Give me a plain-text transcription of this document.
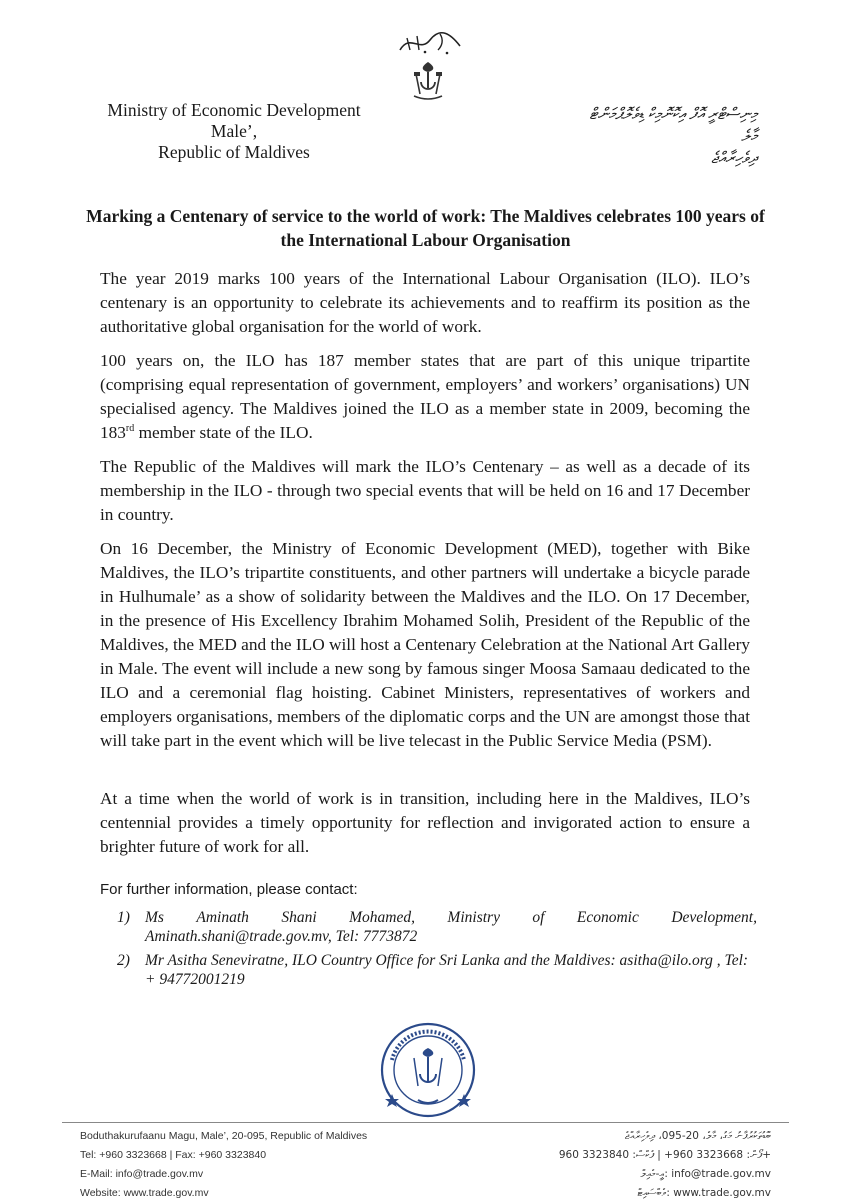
Ministry of Economic Development
Male’,
Republic of Maldives
މިނިސްޓްރީ އޮފް އިކޮނޮމިކް ޑިވެލޮޕްމަންޓް
މާލެ
ދިވެހިރާއްޖެ
Marking a Centenary of service to the world of work: The Maldives celebrates 100 years of the International Labour Organisation
The year 2019 marks 100 years of the International Labour Organisation (ILO). ILO’s centenary is an opportunity to celebrate its achievements and to reaffirm its position as the authoritative global organisation for the world of work.
100 years on, the ILO has 187 member states that are part of this unique tripartite (comprising equal representation of government, employers’ and workers’ organisations) UN specialised agency. The Maldives joined the ILO as a member state in 2009, becoming the 183rd member state of the ILO.
The Republic of the Maldives will mark the ILO’s Centenary – as well as a decade of its membership in the ILO - through two special events that will be held on 16 and 17 December in country.
On 16 December, the Ministry of Economic Development (MED), together with Bike Maldives, the ILO’s tripartite constituents, and other partners will undertake a bicycle parade in Hulhumale’ as a show of solidarity between the Maldives and the ILO. On 17 December, in the presence of His Excellency Ibrahim Mohamed Solih, President of the Republic of the Maldives, the MED and the ILO will host a Centenary Celebration at the National Art Gallery in Male. The event will include a new song by famous singer Moosa Samaau dedicated to the ILO and a ceremonial flag hoisting. Cabinet Ministers, representatives of workers and employers organisations, members of the diplomatic corps and the UN are amongst those that will take part in the event which will be live telecast in the Public Service Media (PSM).
At a time when the world of work is in transition, including here in the Maldives, ILO’s centennial provides a timely opportunity for reflection and invigorated action to ensure a brighter future of work for all.
For further information, please contact:
1) Ms Aminath Shani Mohamed, Ministry of Economic Development,
Aminath.shani@trade.gov.mv, Tel: 7773872
2) Mr Asitha Seneviratne, ILO Country Office for Sri Lanka and the Maldives: asitha@ilo.org , Tel: + 94772001219
Boduthakurufaanu Magu, Male’, 20-095, Republic of Maldives
Tel: +960 3323668 | Fax: +960 3323840
E-Mail: info@trade.gov.mv
Website: www.trade.gov.mv
ބޮޑުތަކުރުފާނު މަގު، މާލެ، 20-095، ދިވެހިރާއްޖެ
ފޯން: 3323668 960+ | ފެކްސް: 3323840 960+
އީ-މެއިލް: info@trade.gov.mv
ވެބްސައިޓް: www.trade.gov.mv
